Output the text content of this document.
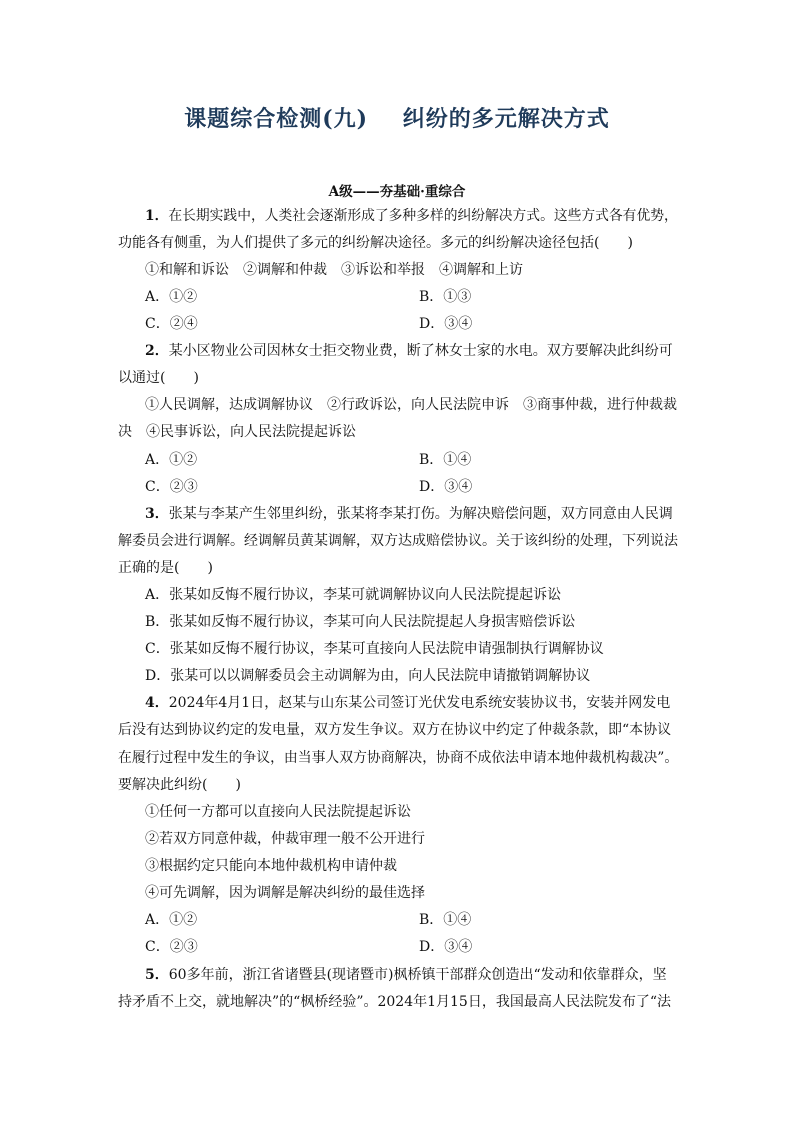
课题综合检测(九)    纠纷的多元解决方式
A级——夯基础·重综合
1．在长期实践中，人类社会逐渐形成了多种多样的纠纷解决方式。这些方式各有优势，
功能各有侧重，为人们提供了多元的纠纷解决途径。多元的纠纷解决途径包括(　　)
①和解和诉讼　②调解和仲裁　③诉讼和举报　④调解和上访
A．①②	B．①③
C．②④	D．③④
2．某小区物业公司因林女士拒交物业费，断了林女士家的水电。双方要解决此纠纷可
以通过(　　)
①人民调解，达成调解协议　②行政诉讼，向人民法院申诉　③商事仲裁，进行仲裁裁
决　④民事诉讼，向人民法院提起诉讼
A．①②	B．①④
C．②③	D．③④
3．张某与李某产生邻里纠纷，张某将李某打伤。为解决赔偿问题，双方同意由人民调
解委员会进行调解。经调解员黄某调解，双方达成赔偿协议。关于该纠纷的处理，下列说法
正确的是(　　)
A．张某如反悔不履行协议，李某可就调解协议向人民法院提起诉讼
B．张某如反悔不履行协议，李某可向人民法院提起人身损害赔偿诉讼
C．张某如反悔不履行协议，李某可直接向人民法院申请强制执行调解协议
D．张某可以以调解委员会主动调解为由，向人民法院申请撤销调解协议
4．2024年4月1日，赵某与山东某公司签订光伏发电系统安装协议书，安装并网发电
后没有达到协议约定的发电量，双方发生争议。双方在协议中约定了仲裁条款，即“本协议
在履行过程中发生的争议，由当事人双方协商解决，协商不成依法申请本地仲裁机构裁决”。
要解决此纠纷(　　)
①任何一方都可以直接向人民法院提起诉讼
②若双方同意仲裁，仲裁审理一般不公开进行
③根据约定只能向本地仲裁机构申请仲裁
④可先调解，因为调解是解决纠纷的最佳选择
A．①②	B．①④
C．②③	D．③④
5．60多年前，浙江省诸暨县(现诸暨市)枫桥镇干部群众创造出“发动和依靠群众，坚
持矛盾不上交，就地解决”的“枫桥经验”。2024年1月15日，我国最高人民法院发布了“法
